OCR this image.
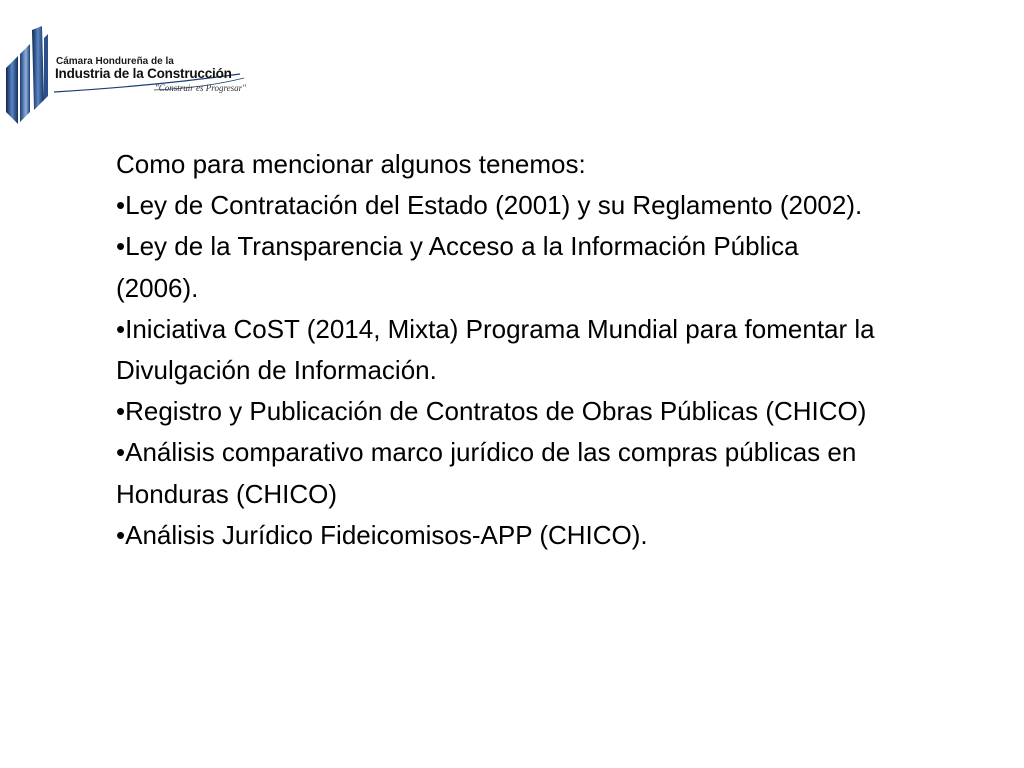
Cámara Hondureña de la
Industria de la Construcción
"Construir es Progresar"

Como para mencionar algunos tenemos:

•Ley de Contratación del Estado (2001) y su Reglamento (2002).

•Ley de la Transparencia y Acceso a la Información Pública (2006).

•Iniciativa CoST (2014, Mixta) Programa Mundial para fomentar la Divulgación de Información.

•Registro y Publicación de Contratos de Obras Públicas (CHICO)

•Análisis comparativo marco jurídico de las compras públicas en Honduras (CHICO)

•Análisis Jurídico Fideicomisos-APP (CHICO).
